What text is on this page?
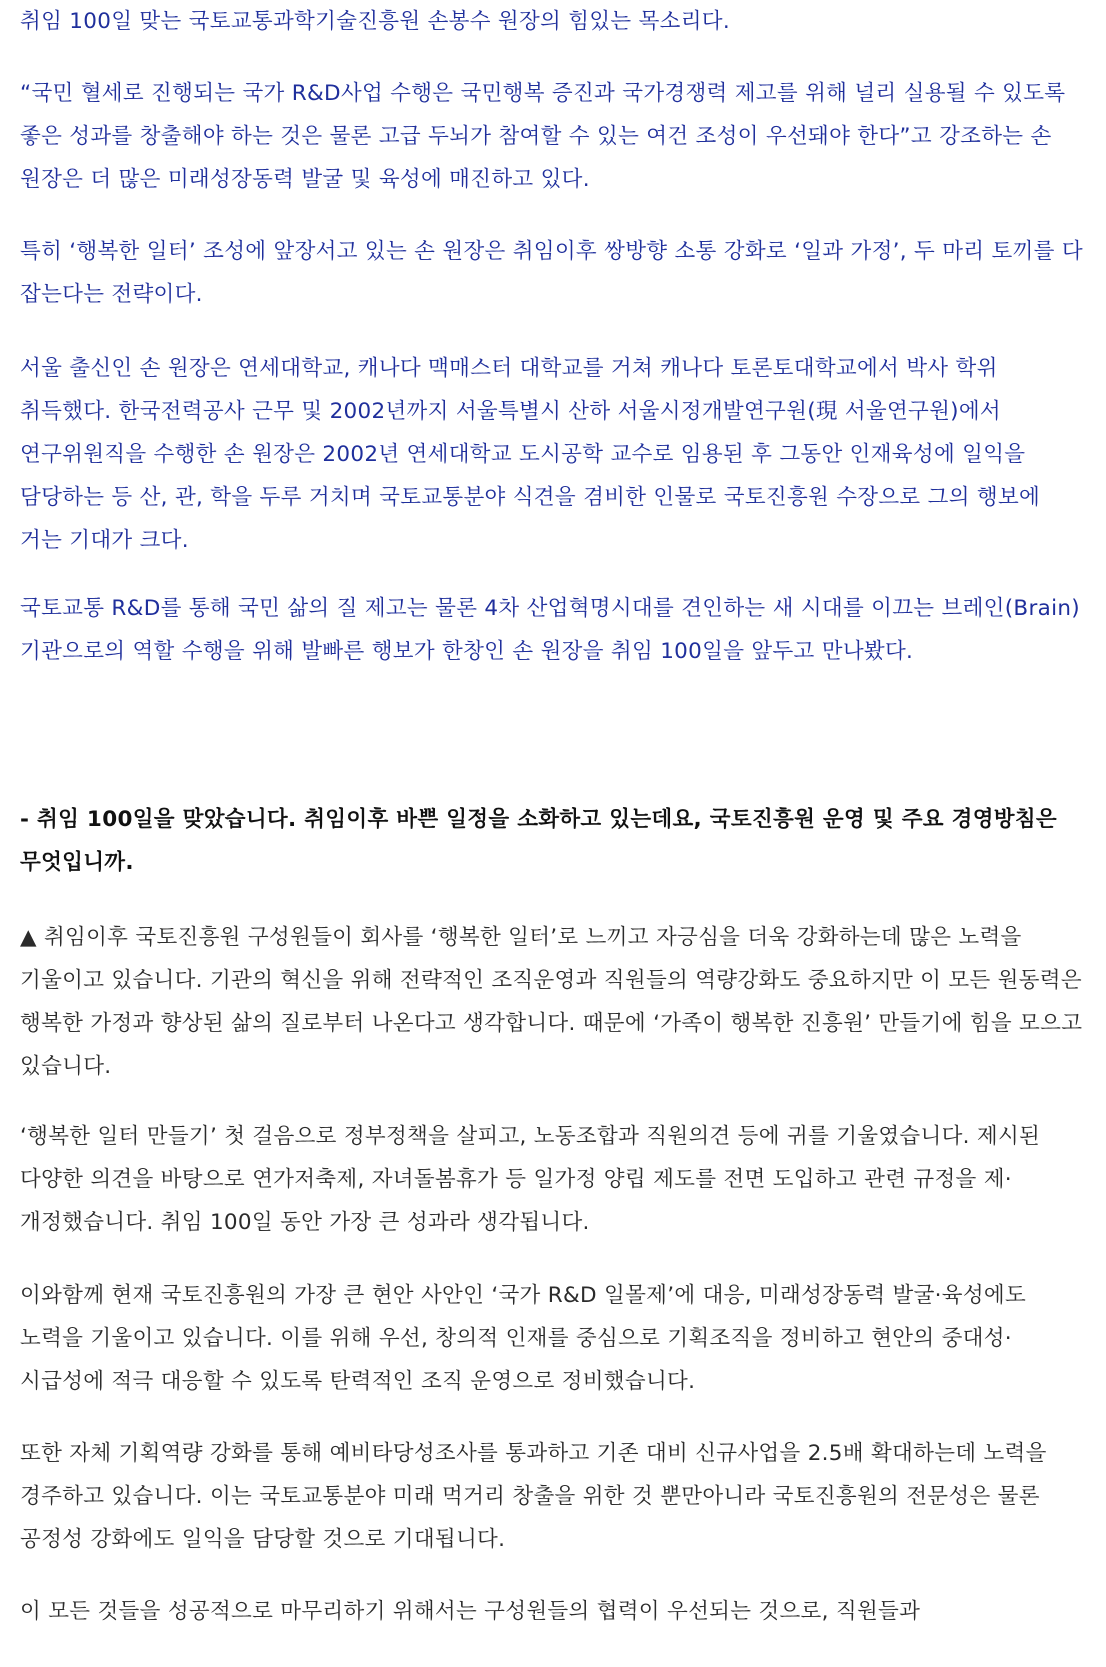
취임 100일 맞는 국토교통과학기술진흥원 손봉수 원장의 힘있는 목소리다.

“국민 혈세로 진행되는 국가 R&D사업 수행은 국민행복 증진과 국가경쟁력 제고를 위해 널리 실용될 수 있도록 좋은 성과를 창출해야 하는 것은 물론 고급 두뇌가 참여할 수 있는 여건 조성이 우선돼야 한다”고 강조하는 손 원장은 더 많은 미래성장동력 발굴 및 육성에 매진하고 있다.

특히 ‘행복한 일터’ 조성에 앞장서고 있는 손 원장은 취임이후 쌍방향 소통 강화로 ‘일과 가정’, 두 마리 토끼를 다 잡는다는 전략이다.

서울 출신인 손 원장은 연세대학교, 캐나다 맥매스터 대학교를 거쳐 캐나다 토론토대학교에서 박사 학위 취득했다. 한국전력공사 근무 및 2002년까지 서울특별시 산하 서울시정개발연구원(現 서울연구원)에서 연구위원직을 수행한 손 원장은 2002년 연세대학교 도시공학 교수로 임용된 후 그동안 인재육성에 일익을 담당하는 등 산, 관, 학을 두루 거치며 국토교통분야 식견을 겸비한 인물로 국토진흥원 수장으로 그의 행보에 거는 기대가 크다.

국토교통 R&D를 통해 국민 삶의 질 제고는 물론 4차 산업혁명시대를 견인하는 새 시대를 이끄는 브레인(Brain)기관으로의 역할 수행을 위해 발빠른 행보가 한창인 손 원장을 취임 100일을 앞두고 만나봤다.

- 취임 100일을 맞았습니다. 취임이후 바쁜 일정을 소화하고 있는데요, 국토진흥원 운영 및 주요 경영방침은 무엇입니까.

▲ 취임이후 국토진흥원 구성원들이 회사를 ‘행복한 일터’로 느끼고 자긍심을 더욱 강화하는데 많은 노력을 기울이고 있습니다. 기관의 혁신을 위해 전략적인 조직운영과 직원들의 역량강화도 중요하지만 이 모든 원동력은 행복한 가정과 향상된 삶의 질로부터 나온다고 생각합니다. 때문에 ‘가족이 행복한 진흥원’ 만들기에 힘을 모으고 있습니다.

‘행복한 일터 만들기’ 첫 걸음으로 정부정책을 살피고, 노동조합과 직원의견 등에 귀를 기울였습니다. 제시된 다양한 의견을 바탕으로 연가저축제, 자녀돌봄휴가 등 일가정 양립 제도를 전면 도입하고 관련 규정을 제·개정했습니다. 취임 100일 동안 가장 큰 성과라 생각됩니다.

이와함께 현재 국토진흥원의 가장 큰 현안 사안인 ‘국가 R&D 일몰제’에 대응, 미래성장동력 발굴·육성에도 노력을 기울이고 있습니다. 이를 위해 우선, 창의적 인재를 중심으로 기획조직을 정비하고 현안의 중대성·시급성에 적극 대응할 수 있도록 탄력적인 조직 운영으로 정비했습니다.

또한 자체 기획역량 강화를 통해 예비타당성조사를 통과하고 기존 대비 신규사업을 2.5배 확대하는데 노력을 경주하고 있습니다. 이는 국토교통분야 미래 먹거리 창출을 위한 것 뿐만아니라 국토진흥원의 전문성은 물론 공정성 강화에도 일익을 담당할 것으로 기대됩니다.

이 모든 것들을 성공적으로 마무리하기 위해서는 구성원들의 협력이 우선되는 것으로, 직원들과
